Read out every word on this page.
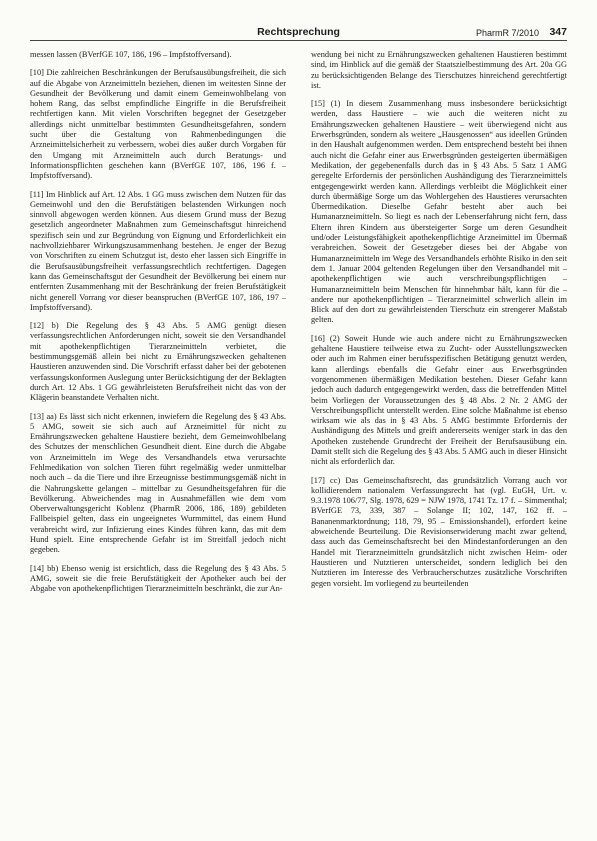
Rechtsprechung	PharmR 7/2010 347

messen lassen (BVerfGE 107, 186, 196 – Impfstoffversand).

[10] Die zahlreichen Beschränkungen der Berufsausübungsfreiheit, die sich auf die Abgabe von Arzneimitteln beziehen, dienen im weitesten Sinne der Gesundheit der Bevölkerung und damit einem Gemeinwohlbelang von hohem Rang, das selbst empfindliche Eingriffe in die Berufsfreiheit rechtfertigen kann. Mit vielen Vorschriften begegnet der Gesetzgeber allerdings nicht unmittelbar bestimmten Gesundheitsgefahren, sondern sucht über die Gestaltung von Rahmenbedingungen die Arzneimittelsicherheit zu verbessern, wobei dies außer durch Vorgaben für den Umgang mit Arzneimitteln auch durch Beratungs- und Informationspflichten geschehen kann (BVerfGE 107, 186, 196 f. – Impfstoffversand).

[11] Im Hinblick auf Art. 12 Abs. 1 GG muss zwischen dem Nutzen für das Gemeinwohl und den die Berufstätigen belastenden Wirkungen noch sinnvoll abgewogen werden können. Aus diesem Grund muss der Bezug gesetzlich angeordneter Maßnahmen zum Gemeinschaftsgut hinreichend spezifisch sein und zur Begründung von Eignung und Erforderlichkeit ein nachvollziehbarer Wirkungszusammenhang bestehen. Je enger der Bezug von Vorschriften zu einem Schutzgut ist, desto eher lassen sich Eingriffe in die Berufsausübungsfreiheit verfassungsrechtlich rechtfertigen. Dagegen kann das Gemeinschaftsgut der Gesundheit der Bevölkerung bei einem nur entfernten Zusammenhang mit der Beschränkung der freien Berufstätigkeit nicht generell Vorrang vor dieser beanspruchen (BVerfGE 107, 186, 197 – Impfstoffversand).

[12] b) Die Regelung des § 43 Abs. 5 AMG genügt diesen verfassungsrechtlichen Anforderungen nicht, soweit sie den Versandhandel mit apothekenpflichtigen Tierarzneimitteln verbietet, die bestimmungsgemäß allein bei nicht zu Ernährungszwecken gehaltenen Haustieren anzuwenden sind. Die Vorschrift erfasst daher bei der gebotenen verfassungskonformen Auslegung unter Berücksichtigung der der Beklagten durch Art. 12 Abs. 1 GG gewährleisteten Berufsfreiheit nicht das von der Klägerin beanstandete Verhalten nicht.

[13] aa) Es lässt sich nicht erkennen, inwiefern die Regelung des § 43 Abs. 5 AMG, soweit sie sich auch auf Arzneimittel für nicht zu Ernährungszwecken gehaltene Haustiere bezieht, dem Gemeinwohlbelang des Schutzes der menschlichen Gesundheit dient. Eine durch die Abgabe von Arzneimitteln im Wege des Versandhandels etwa verursachte Fehlmedikation von solchen Tieren führt regelmäßig weder unmittelbar noch auch – da die Tiere und ihre Erzeugnisse bestimmungsgemäß nicht in die Nahrungskette gelangen – mittelbar zu Gesundheitsgefahren für die Bevölkerung. Abweichendes mag in Ausnahmefällen wie dem vom Oberverwaltungsgericht Koblenz (PharmR 2006, 186, 189) gebildeten Fallbeispiel gelten, dass ein ungeeignetes Wurmmittel, das einem Hund verabreicht wird, zur Infizierung eines Kindes führen kann, das mit dem Hund spielt. Eine entsprechende Gefahr ist im Streitfall jedoch nicht gegeben.

[14] bb) Ebenso wenig ist ersichtlich, dass die Regelung des § 43 Abs. 5 AMG, soweit sie die freie Berufstätigkeit der Apotheker auch bei der Abgabe von apothekenpflichtigen Tierarzneimitteln beschränkt, die zur An-

wendung bei nicht zu Ernährungszwecken gehaltenen Haustieren bestimmt sind, im Hinblick auf die gemäß der Staatszielbestimmung des Art. 20a GG zu berücksichtigenden Belange des Tierschutzes hinreichend gerechtfertigt ist.

[15] (1) In diesem Zusammenhang muss insbesondere berücksichtigt werden, dass Haustiere – wie auch die weiteren nicht zu Ernährungszwecken gehaltenen Haustiere – weit überwiegend nicht aus Erwerbsgründen, sondern als weitere „Hausgenossen“ aus ideellen Gründen in den Haushalt aufgenommen werden. Dem entsprechend besteht bei ihnen auch nicht die Gefahr einer aus Erwerbsgründen gesteigerten übermäßigen Medikation, der gegebenenfalls durch das in § 43 Abs. 5 Satz 1 AMG geregelte Erfordernis der persönlichen Aushändigung des Tierarzneimittels entgegengewirkt werden kann. Allerdings verbleibt die Möglichkeit einer durch übermäßige Sorge um das Wohlergehen des Haustieres verursachten Übermedikation. Dieselbe Gefahr besteht aber auch bei Humanarzneimitteln. So liegt es nach der Lebenserfahrung nicht fern, dass Eltern ihren Kindern aus übersteigerter Sorge um deren Gesundheit und/oder Leistungsfähigkeit apothekenpflichtige Arzneimittel im Übermaß verabreichen. Soweit der Gesetzgeber dieses bei der Abgabe von Humanarzneimitteln im Wege des Versandhandels erhöhte Risiko in den seit dem 1. Januar 2004 geltenden Regelungen über den Versandhandel mit – apothekenpflichtigen wie auch verschreibungspflichtigen – Humanarzneimitteln beim Menschen für hinnehmbar hält, kann für die – andere nur apothekenpflichtigen – Tierarzneimittel schwerlich allein im Blick auf den dort zu gewährleistenden Tierschutz ein strengerer Maßstab gelten.

[16] (2) Soweit Hunde wie auch andere nicht zu Ernährungszwecken gehaltene Haustiere teilweise etwa zu Zucht- oder Ausstellungszwecken oder auch im Rahmen einer berufsspezifischen Betätigung genutzt werden, kann allerdings ebenfalls die Gefahr einer aus Erwerbsgründen vorgenommenen übermäßigen Medikation bestehen. Dieser Gefahr kann jedoch auch dadurch entgegengewirkt werden, dass die betreffenden Mittel beim Vorliegen der Voraussetzungen des § 48 Abs. 2 Nr. 2 AMG der Verschreibungspflicht unterstellt werden. Eine solche Maßnahme ist ebenso wirksam wie als das in § 43 Abs. 5 AMG bestimmte Erfordernis der Aushändigung des Mittels und greift andererseits weniger stark in das den Apotheken zustehende Grundrecht der Freiheit der Berufsausübung ein. Damit stellt sich die Regelung des § 43 Abs. 5 AMG auch in dieser Hinsicht nicht als erforderlich dar.

[17] cc) Das Gemeinschaftsrecht, das grundsätzlich Vorrang auch vor kollidierendem nationalem Verfassungsrecht hat (vgl. EuGH, Urt. v. 9.3.1978 106/77, Slg. 1978, 629 = NJW 1978, 1741 Tz. 17 f. – Simmenthal; BVerfGE 73, 339, 387 – Solange II; 102, 147, 162 ff. – Bananenmarktordnung; 118, 79, 95 – Emissionshandel), erfordert keine abweichende Beurteilung. Die Revisionserwiderung macht zwar geltend, dass auch das Gemeinschaftsrecht bei den Mindestanforderungen an den Handel mit Tierarzneimitteln grundsätzlich nicht zwischen Heim- oder Haustieren und Nutztieren unterscheidet, sondern lediglich bei den Nutztieren im Interesse des Verbraucherschutzes zusätzliche Vorschriften gegen vorsieht. Im vorliegend zu beurteilenden
